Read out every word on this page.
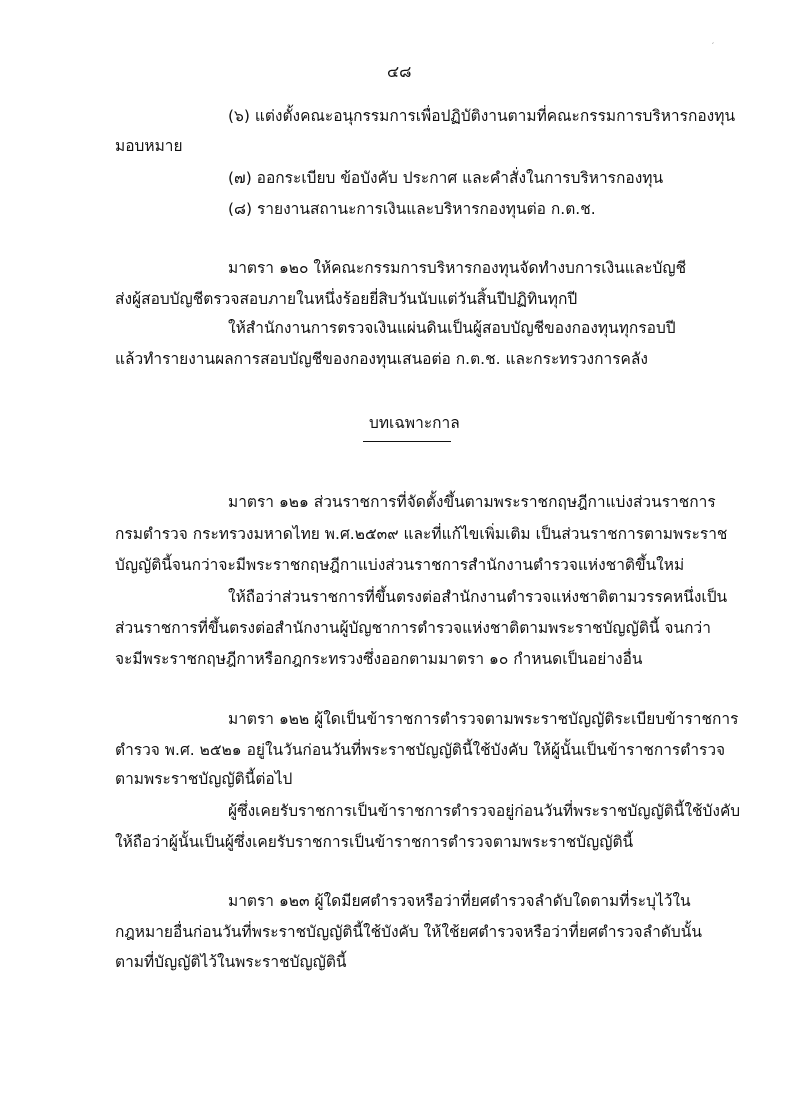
′
๔๘
(๖) แต่งตั้งคณะอนุกรรมการเพื่อปฏิบัติงานตามที่คณะกรรมการบริหารกองทุน
มอบหมาย
(๗) ออกระเบียบ ข้อบังคับ ประกาศ และคำสั่งในการบริหารกองทุน
(๘) รายงานสถานะการเงินและบริหารกองทุนต่อ ก.ต.ช.
มาตรา ๑๒๐ ให้คณะกรรมการบริหารกองทุนจัดทำงบการเงินและบัญชี
ส่งผู้สอบบัญชีตรวจสอบภายในหนึ่งร้อยยี่สิบวันนับแต่วันสิ้นปีปฏิทินทุกปี
ให้สำนักงานการตรวจเงินแผ่นดินเป็นผู้สอบบัญชีของกองทุนทุกรอบปี
แล้วทำรายงานผลการสอบบัญชีของกองทุนเสนอต่อ ก.ต.ช. และกระทรวงการคลัง
บทเฉพาะกาล
มาตรา ๑๒๑ ส่วนราชการที่จัดตั้งขึ้นตามพระราชกฤษฎีกาแบ่งส่วนราชการ
กรมตำรวจ กระทรวงมหาดไทย พ.ศ.๒๕๓๙ และที่แก้ไขเพิ่มเติม เป็นส่วนราชการตามพระราช
บัญญัตินี้จนกว่าจะมีพระราชกฤษฎีกาแบ่งส่วนราชการสำนักงานตำรวจแห่งชาติขึ้นใหม่
ให้ถือว่าส่วนราชการที่ขึ้นตรงต่อสำนักงานตำรวจแห่งชาติตามวรรคหนึ่งเป็น
ส่วนราชการที่ขึ้นตรงต่อสำนักงานผู้บัญชาการตำรวจแห่งชาติตามพระราชบัญญัตินี้ จนกว่า
จะมีพระราชกฤษฎีกาหรือกฎกระทรวงซึ่งออกตามมาตรา ๑๐ กำหนดเป็นอย่างอื่น
มาตรา ๑๒๒ ผู้ใดเป็นข้าราชการตำรวจตามพระราชบัญญัติระเบียบข้าราชการ
ตำรวจ พ.ศ. ๒๕๒๑ อยู่ในวันก่อนวันที่พระราชบัญญัตินี้ใช้บังคับ ให้ผู้นั้นเป็นข้าราชการตำรวจ
ตามพระราชบัญญัตินี้ต่อไป
ผู้ซึ่งเคยรับราชการเป็นข้าราชการตำรวจอยู่ก่อนวันที่พระราชบัญญัตินี้ใช้บังคับ
ให้ถือว่าผู้นั้นเป็นผู้ซึ่งเคยรับราชการเป็นข้าราชการตำรวจตามพระราชบัญญัตินี้
มาตรา ๑๒๓ ผู้ใดมียศตำรวจหรือว่าที่ยศตำรวจลำดับใดตามที่ระบุไว้ใน
กฎหมายอื่นก่อนวันที่พระราชบัญญัตินี้ใช้บังคับ ให้ใช้ยศตำรวจหรือว่าที่ยศตำรวจลำดับนั้น
ตามที่บัญญัติไว้ในพระราชบัญญัตินี้
